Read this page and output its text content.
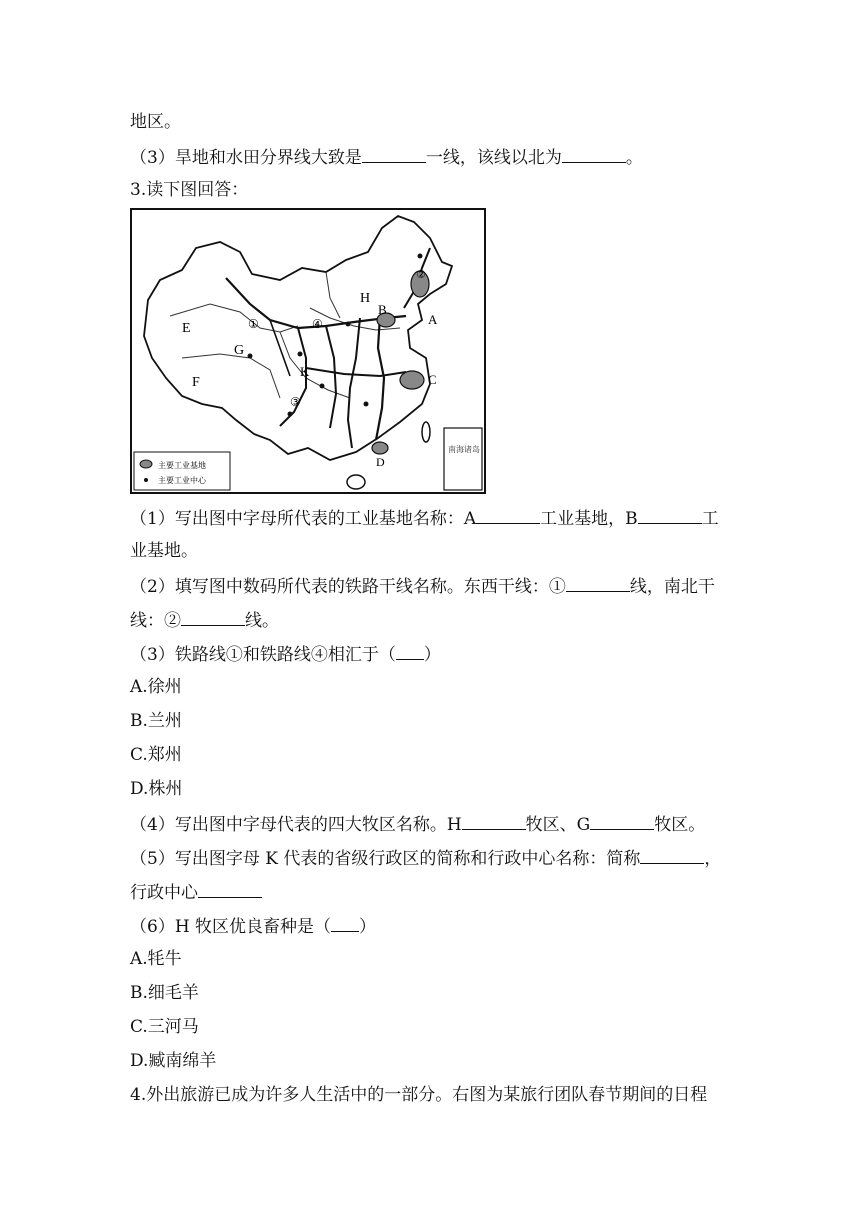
地区。
（3）旱地和水田分界线大致是	一线，该线以北为	。
3.读下图回答：
E
F
G
H
K
A
B
C
D
①
②
③
④
南海诸岛
主要工业基地
主要工业中心
（1）写出图中字母所代表的工业基地名称：A	工业基地，B	工
业基地。
（2）填写图中数码所代表的铁路干线名称。东西干线：①	线，南北干
线：②	线。
（3）铁路线①和铁路线④相汇于（ ）
A.徐州
B.兰州
C.郑州
D.株州
（4）写出图中字母代表的四大牧区名称。H	牧区、G	牧区。
（5）写出图字母 K 代表的省级行政区的简称和行政中心名称：简称	，
行政中心
（6）H 牧区优良畜种是（ ）
A.牦牛
B.细毛羊
C.三河马
D.臧南绵羊
4.外出旅游已成为许多人生活中的一部分。右图为某旅行团队春节期间的日程
